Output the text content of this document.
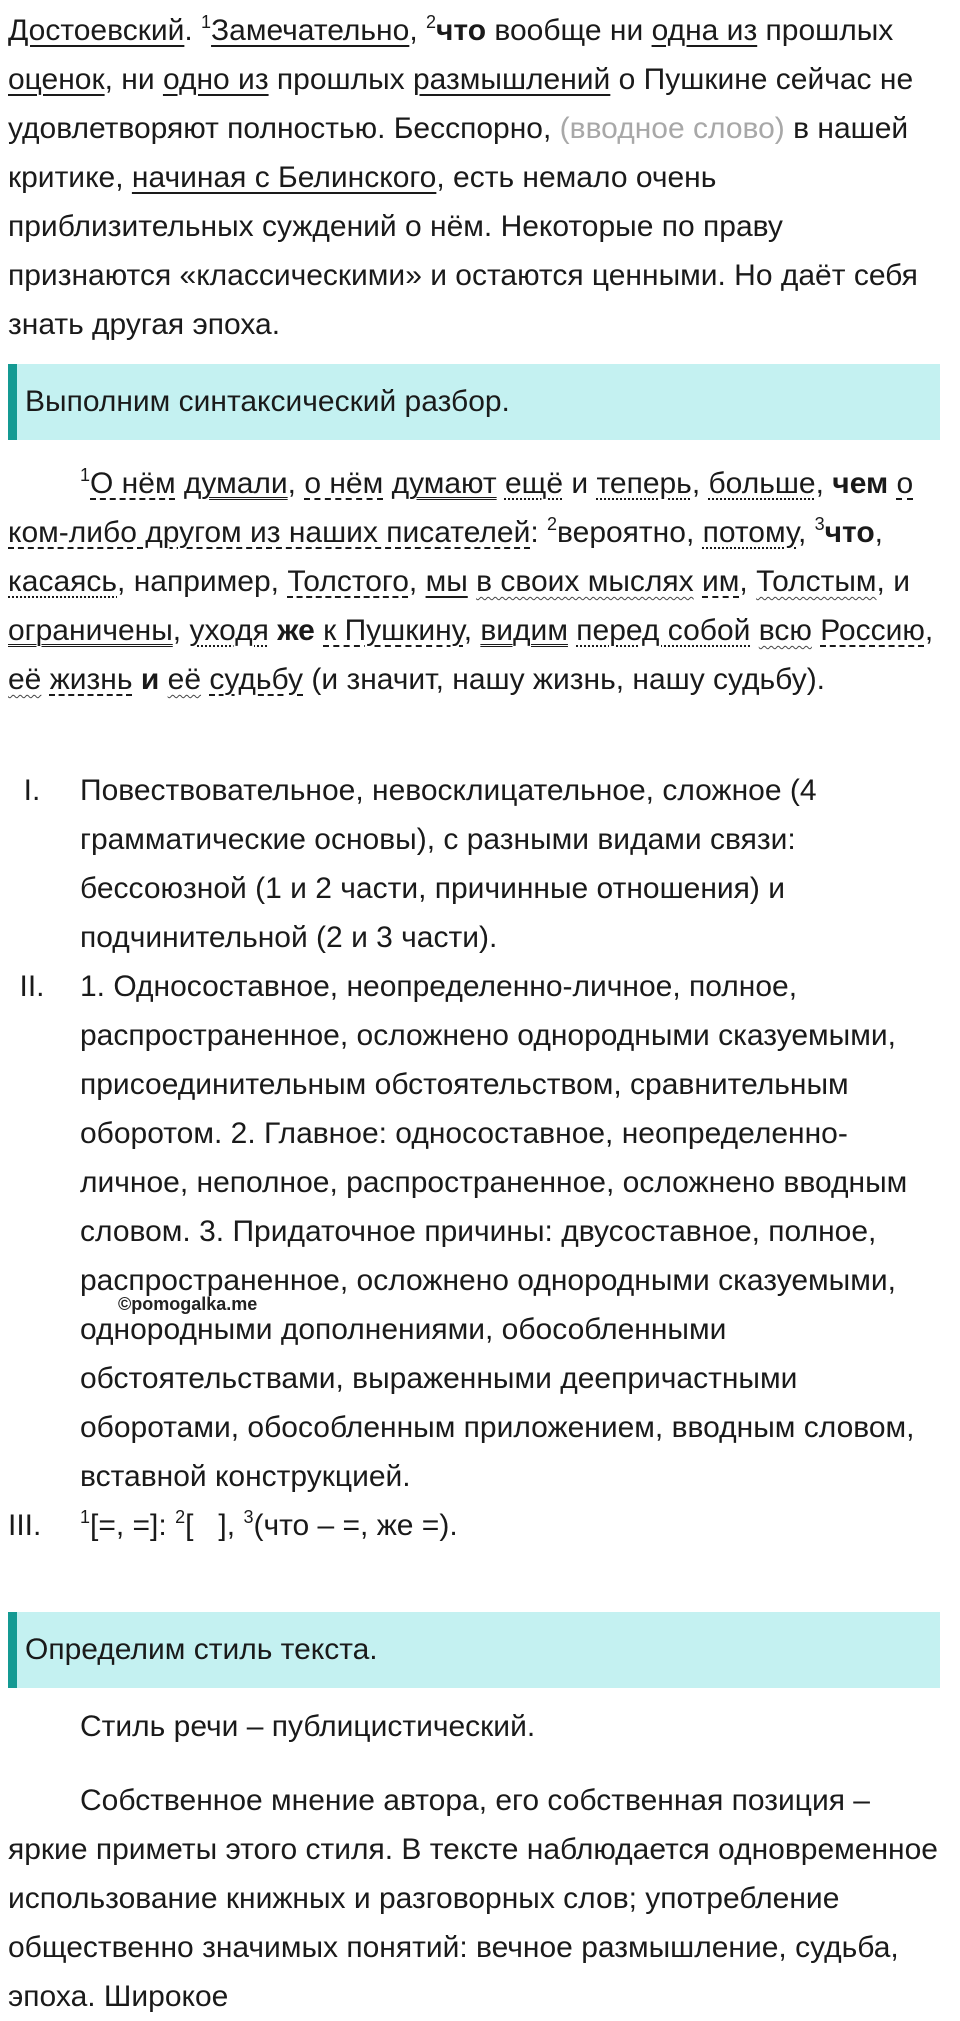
Достоевский. $^1$Замечательно, $^2$что вообще ни одна из прошлых оценок, ни одно из прошлых размышлений о Пушкине сейчас не удовлетворяют полностью. Бесспорно, (вводное слово) в нашей критике, начиная с Белинского, есть немало очень приблизительных суждений о нём. Некоторые по праву признаются «классическими» и остаются ценными. Но даёт себя знать другая эпоха.

Выполним синтаксический разбор.

$^1$О нём думали, о нём думают ещё и теперь, больше, чем о ком-либо другом из наших писателей: $^2$вероятно, потому, $^3$что, касаясь, например, Толстого, мы в своих мыслях им, Толстым, и ограничены, уходя же к Пушкину, видим перед собой всю Россию, её жизнь и её судьбу (и значит, нашу жизнь, нашу судьбу).

I.	Повествовательное, невосклицательное, сложное (4 грамматические основы), с разными видами связи: бессоюзной (1 и 2 части, причинные отношения) и подчинительной (2 и 3 части).
II.	1. Односоставное, неопределенно-личное, полное, распространенное, осложнено однородными сказуемыми, присоединительным обстоятельством, сравнительным оборотом. 2. Главное: односоставное, неопределенно-личное, неполное, распространенное, осложнено вводным словом. 3. Придаточное причины: двусоставное, полное, распространенное, осложнено однородными сказуемыми, однородными дополнениями, обособленными обстоятельствами, выраженными деепричастными оборотами, обособленным приложением, вводным словом, вставной конструкцией.
III.	$^1$[=, =]: $^2$[   ], $^3$(что – =, же =).
©pomogalka.me
Определим стиль текста.

Стиль речи – публицистический.

Собственное мнение автора, его собственная позиция – яркие приметы этого стиля. В тексте наблюдается одновременное использование книжных и разговорных слов; употребление общественно значимых понятий: вечное размышление, судьба, эпоха. Широкое
